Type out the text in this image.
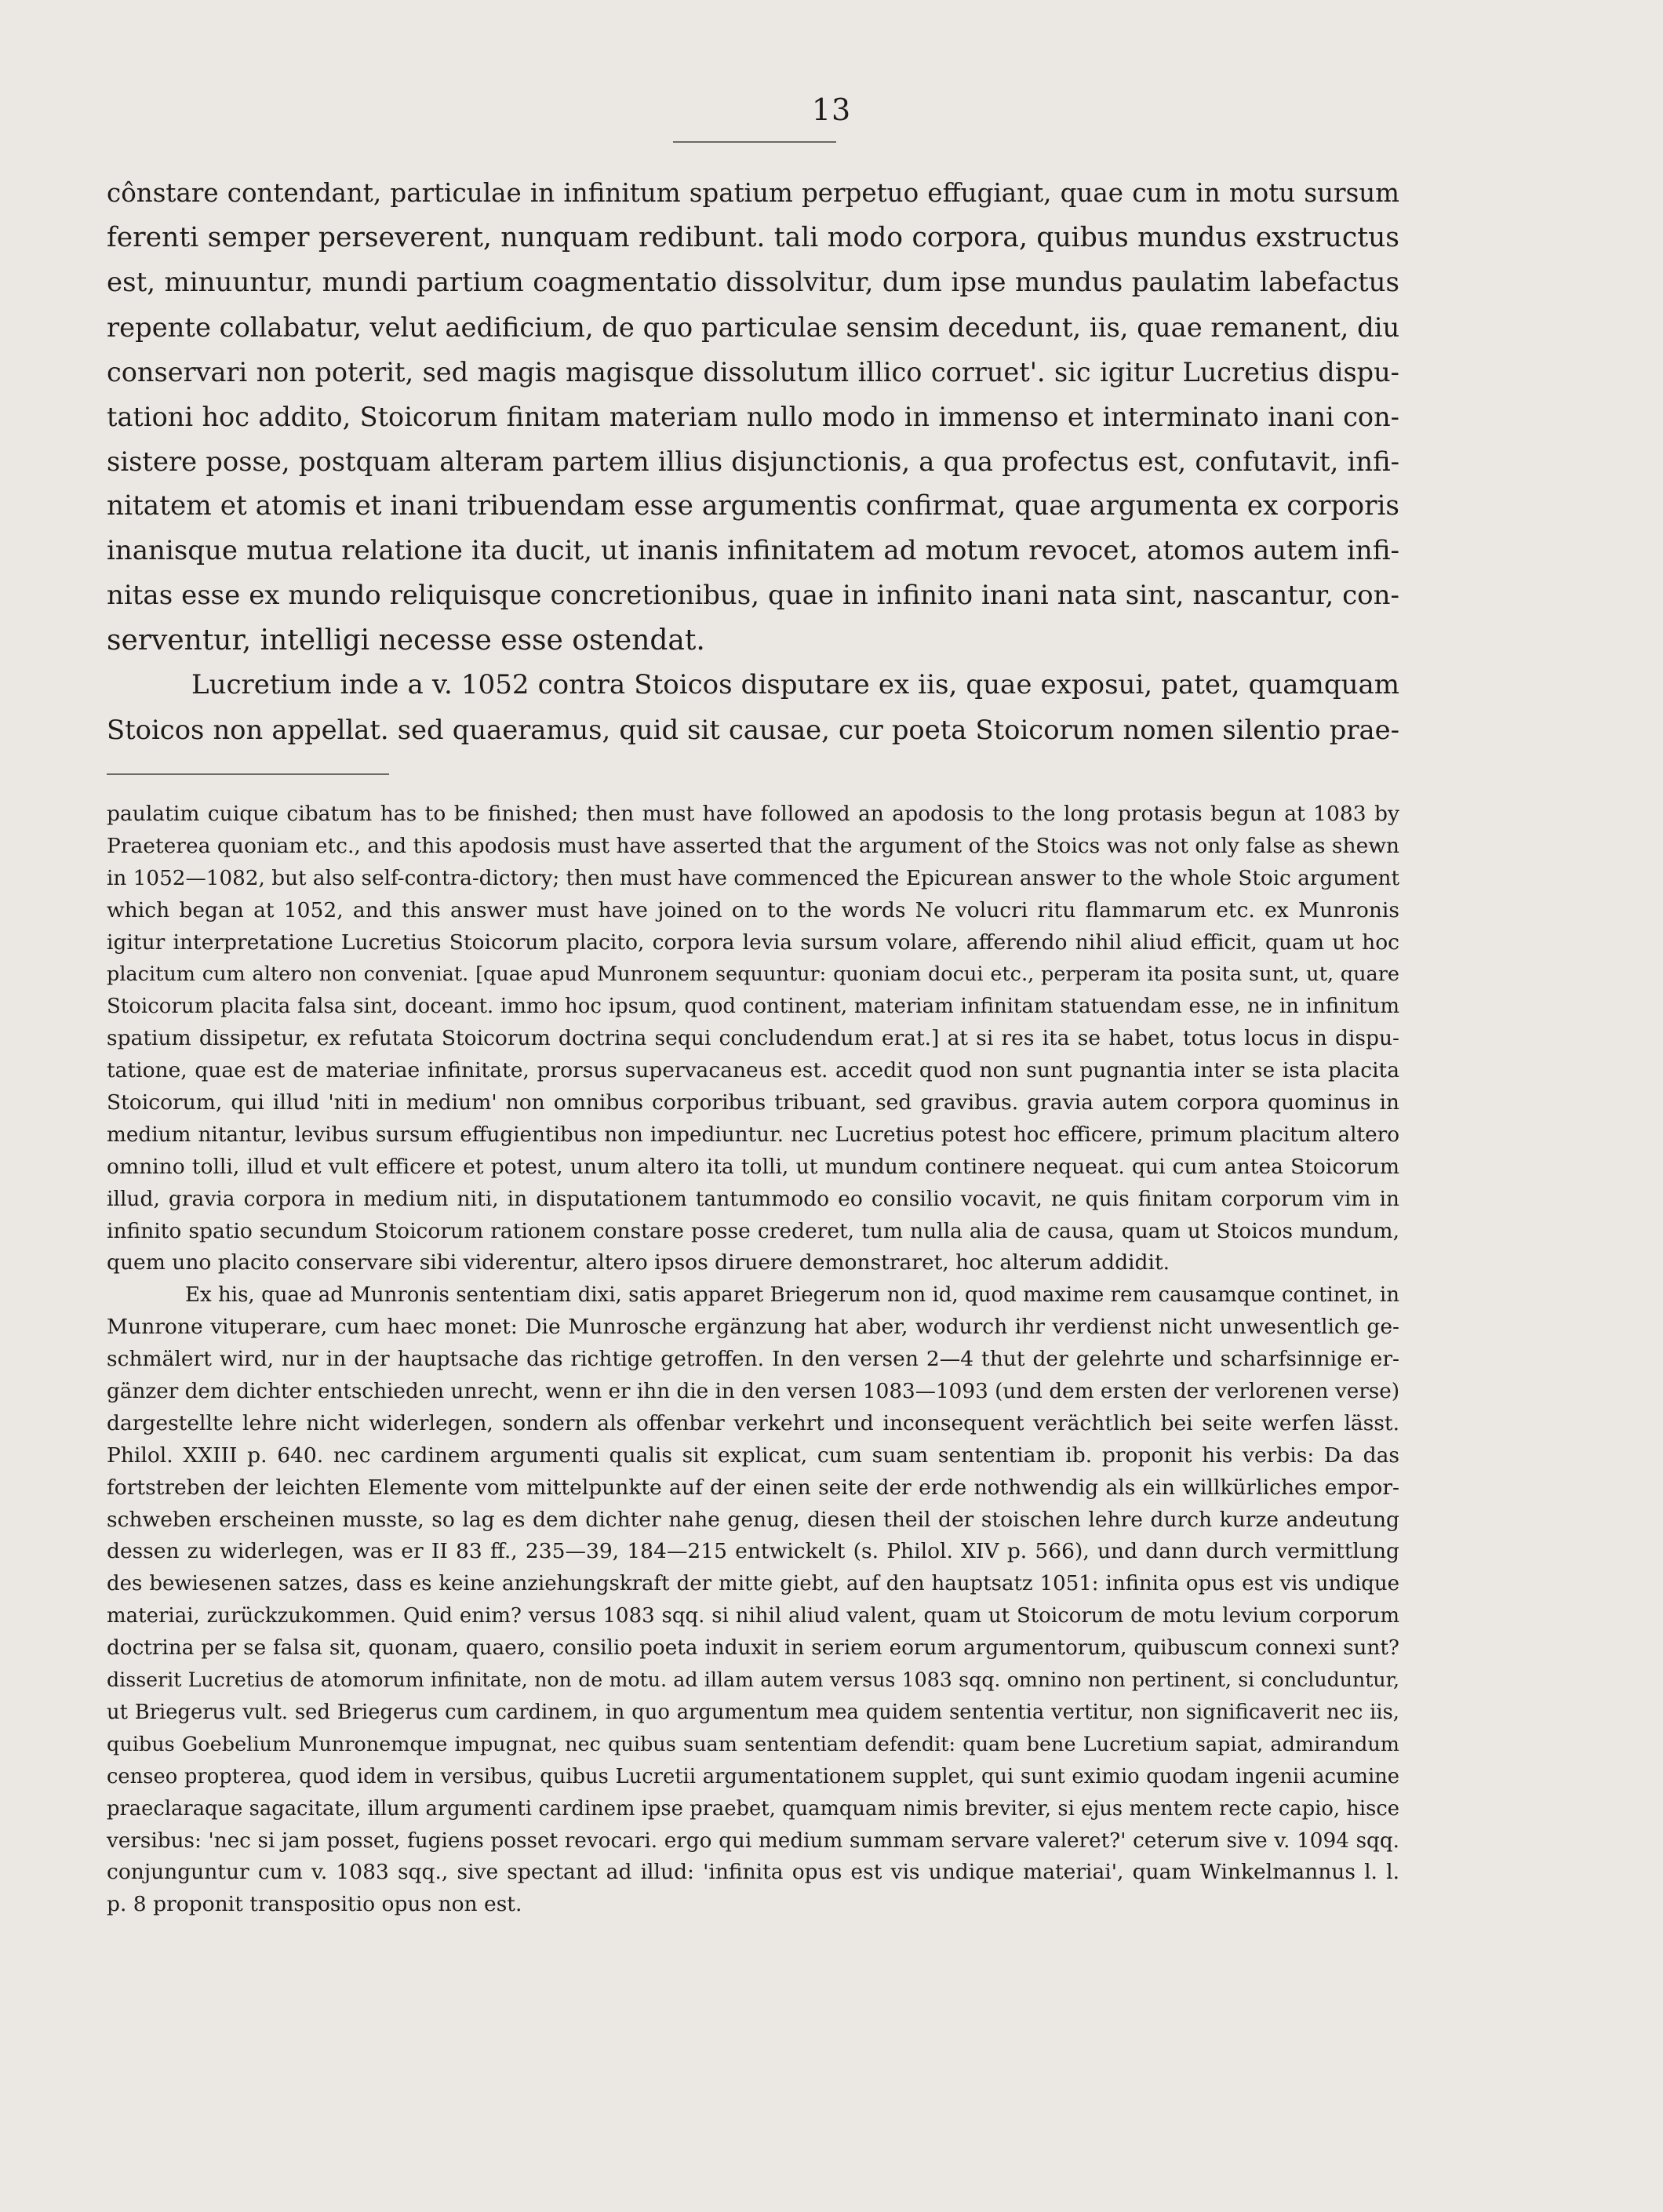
13
cônstare contendant, particulae in infinitum spatium perpetuo effugiant, quae cum in motu sursum
ferenti semper perseverent, nunquam redibunt. tali modo corpora, quibus mundus exstructus
est, minuuntur, mundi partium coagmentatio dissolvitur, dum ipse mundus paulatim labefactus
repente collabatur, velut aedificium, de quo particulae sensim decedunt, iis, quae remanent, diu
conservari non poterit, sed magis magisque dissolutum illico corruet'. sic igitur Lucretius dispu-
tationi hoc addito, Stoicorum finitam materiam nullo modo in immenso et interminato inani con-
sistere posse, postquam alteram partem illius disjunctionis, a qua profectus est, confutavit, infi-
nitatem et atomis et inani tribuendam esse argumentis confirmat, quae argumenta ex corporis
inanisque mutua relatione ita ducit, ut inanis infinitatem ad motum revocet, atomos autem infi-
nitas esse ex mundo reliquisque concretionibus, quae in infinito inani nata sint, nascantur, con-
serventur, intelligi necesse esse ostendat.
Lucretium inde a v. 1052 contra Stoicos disputare ex iis, quae exposui, patet, quamquam
Stoicos non appellat. sed quaeramus, quid sit causae, cur poeta Stoicorum nomen silentio prae-
paulatim cuique cibatum has to be finished; then must have followed an apodosis to the long protasis begun at 1083 by
Praeterea quoniam etc., and this apodosis must have asserted that the argument of the Stoics was not only false as shewn
in 1052—1082, but also self-contra-dictory; then must have commenced the Epicurean answer to the whole Stoic argument
which began at 1052, and this answer must have joined on to the words Ne volucri ritu flammarum etc. ex Munronis
igitur interpretatione Lucretius Stoicorum placito, corpora levia sursum volare, afferendo nihil aliud efficit, quam ut hoc
placitum cum altero non conveniat. [quae apud Munronem sequuntur: quoniam docui etc., perperam ita posita sunt, ut, quare
Stoicorum placita falsa sint, doceant. immo hoc ipsum, quod continent, materiam infinitam statuendam esse, ne in infinitum
spatium dissipetur, ex refutata Stoicorum doctrina sequi concludendum erat.] at si res ita se habet, totus locus in dispu-
tatione, quae est de materiae infinitate, prorsus supervacaneus est. accedit quod non sunt pugnantia inter se ista placita
Stoicorum, qui illud 'niti in medium' non omnibus corporibus tribuant, sed gravibus. gravia autem corpora quominus in
medium nitantur, levibus sursum effugientibus non impediuntur. nec Lucretius potest hoc efficere, primum placitum altero
omnino tolli, illud et vult efficere et potest, unum altero ita tolli, ut mundum continere nequeat. qui cum antea Stoicorum
illud, gravia corpora in medium niti, in disputationem tantummodo eo consilio vocavit, ne quis finitam corporum vim in
infinito spatio secundum Stoicorum rationem constare posse crederet, tum nulla alia de causa, quam ut Stoicos mundum,
quem uno placito conservare sibi viderentur, altero ipsos diruere demonstraret, hoc alterum addidit.
Ex his, quae ad Munronis sententiam dixi, satis apparet Briegerum non id, quod maxime rem causamque continet, in
Munrone vituperare, cum haec monet: Die Munrosche ergänzung hat aber, wodurch ihr verdienst nicht unwesentlich ge-
schmälert wird, nur in der hauptsache das richtige getroffen. In den versen 2—4 thut der gelehrte und scharfsinnige er-
gänzer dem dichter entschieden unrecht, wenn er ihn die in den versen 1083—1093 (und dem ersten der verlorenen verse)
dargestellte lehre nicht widerlegen, sondern als offenbar verkehrt und inconsequent verächtlich bei seite werfen lässt.
Philol. XXIII p. 640. nec cardinem argumenti qualis sit explicat, cum suam sententiam ib. proponit his verbis: Da das
fortstreben der leichten Elemente vom mittelpunkte auf der einen seite der erde nothwendig als ein willkürliches empor-
schweben erscheinen musste, so lag es dem dichter nahe genug, diesen theil der stoischen lehre durch kurze andeutung
dessen zu widerlegen, was er II 83 ff., 235—39, 184—215 entwickelt (s. Philol. XIV p. 566), und dann durch vermittlung
des bewiesenen satzes, dass es keine anziehungskraft der mitte giebt, auf den hauptsatz 1051: infinita opus est vis undique
materiai, zurückzukommen. Quid enim? versus 1083 sqq. si nihil aliud valent, quam ut Stoicorum de motu levium corporum
doctrina per se falsa sit, quonam, quaero, consilio poeta induxit in seriem eorum argumentorum, quibuscum connexi sunt?
disserit Lucretius de atomorum infinitate, non de motu. ad illam autem versus 1083 sqq. omnino non pertinent, si concluduntur,
ut Briegerus vult. sed Briegerus cum cardinem, in quo argumentum mea quidem sententia vertitur, non significaverit nec iis,
quibus Goebelium Munronemque impugnat, nec quibus suam sententiam defendit: quam bene Lucretium sapiat, admirandum
censeo propterea, quod idem in versibus, quibus Lucretii argumentationem supplet, qui sunt eximio quodam ingenii acumine
praeclaraque sagacitate, illum argumenti cardinem ipse praebet, quamquam nimis breviter, si ejus mentem recte capio, hisce
versibus: 'nec si jam posset, fugiens posset revocari. ergo qui medium summam servare valeret?' ceterum sive v. 1094 sqq.
conjunguntur cum v. 1083 sqq., sive spectant ad illud: 'infinita opus est vis undique materiai', quam Winkelmannus l. l.
p. 8 proponit transpositio opus non est.
